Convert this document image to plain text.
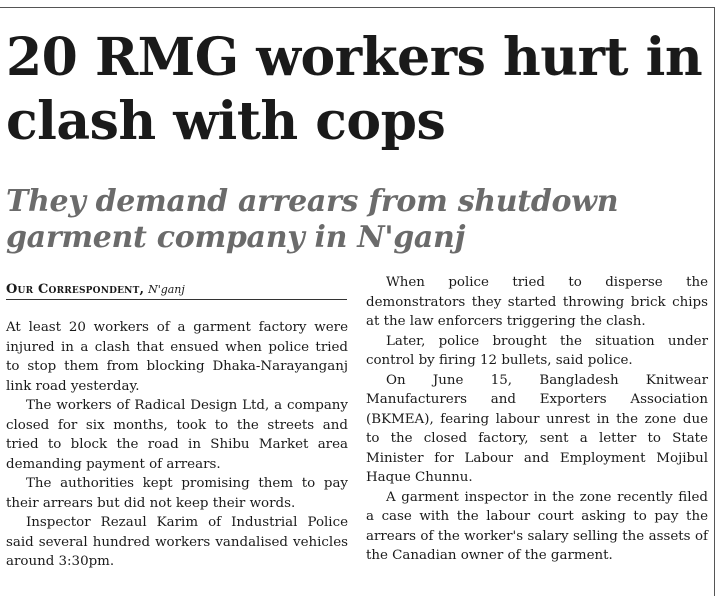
20 RMG workers hurt in clash with cops
They demand arrears from shutdown garment company in N'ganj
Our Correspondent, N'ganj

At least 20 workers of a garment factory were injured in a clash that ensued when police tried to stop them from blocking Dhaka-Narayanganj link road yesterday.

The workers of Radical Design Ltd, a company closed for six months, took to the streets and tried to block the road in Shibu Market area demanding payment of arrears.

The authorities kept promising them to pay their arrears but did not keep their words.

Inspector Rezaul Karim of Industrial Police said several hundred workers vandalised vehicles around 3:30pm.

When police tried to disperse the demonstrators they started throwing brick chips at the law enforcers triggering the clash.

Later, police brought the situation under control by firing 12 bullets, said police.

On June 15, Bangladesh Knitwear Manufacturers and Exporters Association (BKMEA), fearing labour unrest in the zone due to the closed factory, sent a letter to State Minister for Labour and Employment Mojibul Haque Chunnu.

A garment inspector in the zone recently filed a case with the labour court asking to pay the arrears of the worker's salary selling the assets of the Canadian owner of the garment.
